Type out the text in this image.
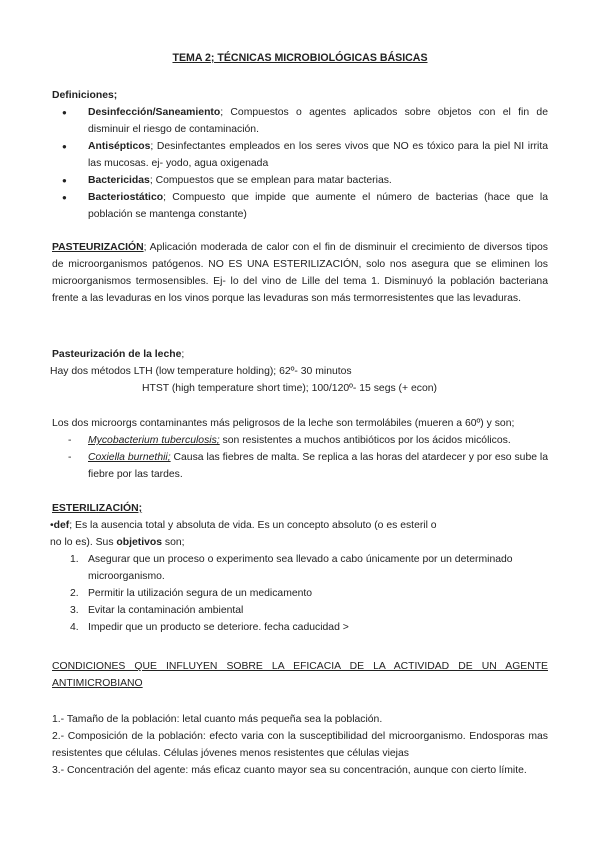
TEMA 2; TÉCNICAS MICROBIOLÓGICAS BÁSICAS
Definiciones;
● Desinfección/Saneamiento; Compuestos o agentes aplicados sobre objetos con el fin de disminuir el riesgo de contaminación.
● Antisépticos; Desinfectantes empleados en los seres vivos que NO es tóxico para la piel NI irrita las mucosas. ej- yodo, agua oxigenada
● Bactericidas; Compuestos que se emplean para matar bacterias.
● Bacteriostático; Compuesto que impide que aumente el número de bacterias (hace que la población se mantenga constante)
PASTEURIZACIÓN; Aplicación moderada de calor con el fin de disminuir el crecimiento de diversos tipos de microorganismos patógenos. NO ES UNA ESTERILIZACIÓN, solo nos asegura que se eliminen los microorganismos termosensibles. Ej- lo del vino de Lille del tema 1. Disminuyó la población bacteriana frente a las levaduras en los vinos porque las levaduras son más termorresistentes que las levaduras.
Pasteurización de la leche;
Hay dos métodos LTH (low temperature holding); 62º- 30 minutos
HTST (high temperature short time); 100/120º- 15 segs (+ econ)
Los dos microorgs contaminantes más peligrosos de la leche son termolábiles (mueren a 60º) y son;
- Mycobacterium tuberculosis; son resistentes a muchos antibióticos por los ácidos micólicos.
- Coxiella burnethii; Causa las fiebres de malta. Se replica a las horas del atardecer y por eso sube la fiebre por las tardes.
ESTERILIZACIÓN;
•def; Es la ausencia total y absoluta de vida. Es un concepto absoluto (o es esteril o
no lo es). Sus objetivos son;
1. Asegurar que un proceso o experimento sea llevado a cabo únicamente por un determinado microorganismo.
2. Permitir la utilización segura de un medicamento
3. Evitar la contaminación ambiental
4. Impedir que un producto se deteriore. fecha caducidad >
CONDICIONES QUE INFLUYEN SOBRE LA EFICACIA DE LA ACTIVIDAD DE UN AGENTE ANTIMICROBIANO
1.- Tamaño de la población: letal cuanto más pequeña sea la población.
2.- Composición de la población: efecto varia con la susceptibilidad del microorganismo. Endosporas mas resistentes que células. Células jóvenes menos resistentes que células viejas
3.- Concentración del agente: más eficaz cuanto mayor sea su concentración, aunque con cierto límite.
